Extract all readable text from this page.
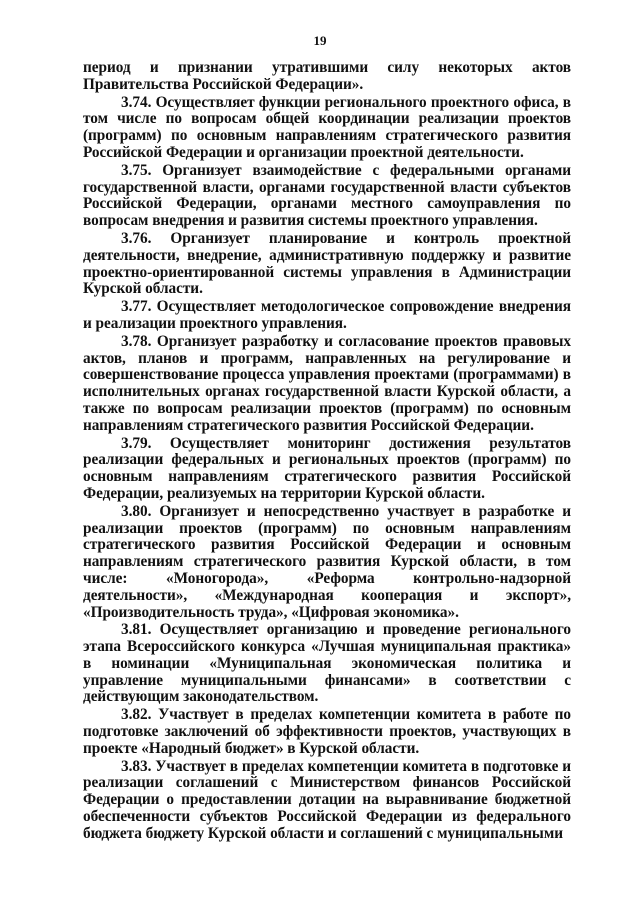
19

период и признании утратившими силу некоторых актов Правительства Российской Федерации».

3.74. Осуществляет функции регионального проектного офиса, в том числе по вопросам общей координации реализации проектов (программ) по основным направлениям стратегического развития Российской Федерации и организации проектной деятельности.

3.75. Организует взаимодействие с федеральными органами государственной власти, органами государственной власти субъектов Российской Федерации, органами местного самоуправления по вопросам внедрения и развития системы проектного управления.

3.76. Организует планирование и контроль проектной деятельности, внедрение, административную поддержку и развитие проектно-ориентированной системы управления в Администрации Курской области.

3.77. Осуществляет методологическое сопровождение внедрения и реализации проектного управления.

3.78. Организует разработку и согласование проектов правовых актов, планов и программ, направленных на регулирование и совершенствование процесса управления проектами (программами) в исполнительных органах государственной власти Курской области, а также по вопросам реализации проектов (программ) по основным направлениям стратегического развития Российской Федерации.

3.79. Осуществляет мониторинг достижения результатов реализации федеральных и региональных проектов (программ) по основным направлениям стратегического развития Российской Федерации, реализуемых на территории Курской области.

3.80. Организует и непосредственно участвует в разработке и реализации проектов (программ) по основным направлениям стратегического развития Российской Федерации и основным направлениям стратегического развития Курской области, в том числе: «Моногорода», «Реформа контрольно-надзорной деятельности», «Международная кооперация и экспорт», «Производительность труда», «Цифровая экономика».

3.81. Осуществляет организацию и проведение регионального этапа Всероссийского конкурса «Лучшая муниципальная практика» в номинации «Муниципальная экономическая политика и управление муниципальными финансами» в соответствии с действующим законодательством.

3.82. Участвует в пределах компетенции комитета в работе по подготовке заключений об эффективности проектов, участвующих в проекте «Народный бюджет» в Курской области.

3.83. Участвует в пределах компетенции комитета в подготовке и реализации соглашений с Министерством финансов Российской Федерации о предоставлении дотации на выравнивание бюджетной обеспеченности субъектов Российской Федерации из федерального бюджета бюджету Курской области и соглашений с муниципальными
